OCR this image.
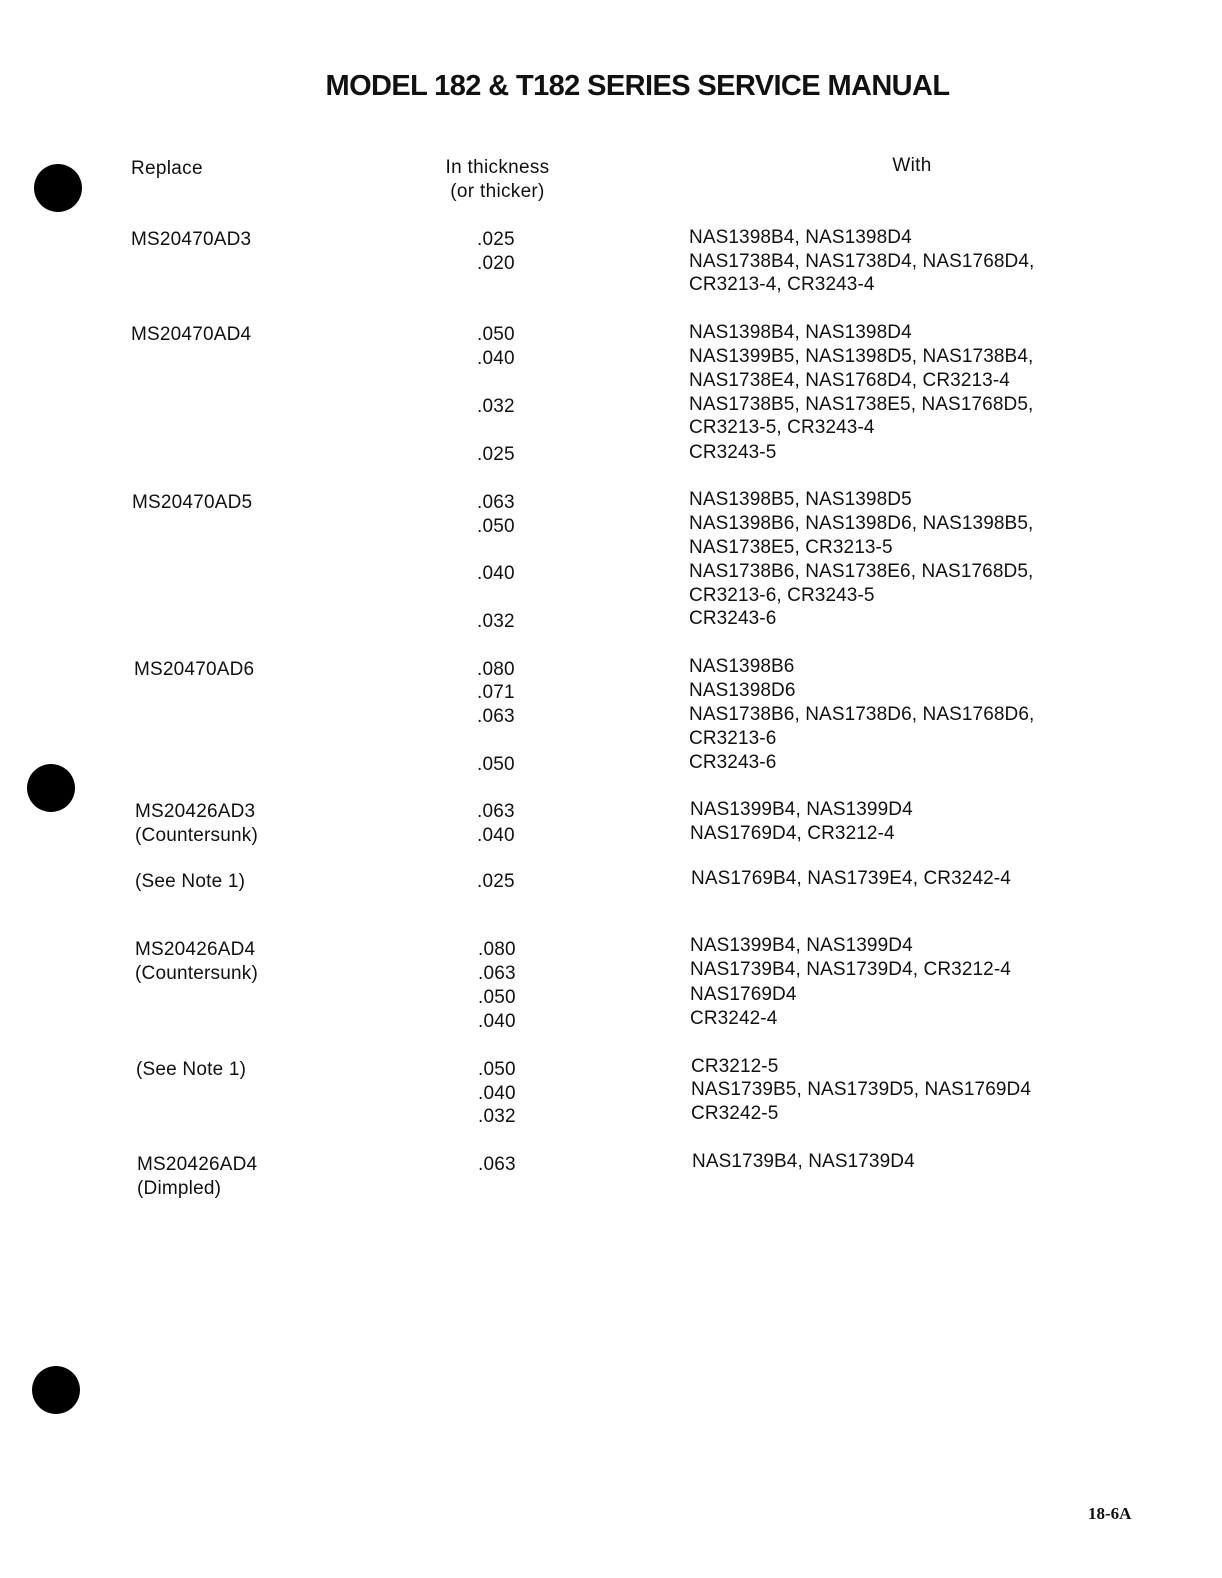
MODEL 182 & T182 SERIES SERVICE MANUAL
Replace	In thickness
(or thicker)
With
MS20470AD3
MS20470AD4
MS20470AD5
MS20470AD6
MS20426AD3
(Countersunk)
(See Note 1)
MS20426AD4
(Countersunk)
(See Note 1)
MS20426AD4
(Dimpled)
.025
.020
.050
.040
.032
.025
.063
.050
.040
.032
.080
.071
.063
.050
.063
.040
.025
.080
.063
.050
.040
.050
.040
.032
.063
NAS1398B4, NAS1398D4
NAS1738B4, NAS1738D4, NAS1768D4,
CR3213-4, CR3243-4
NAS1398B4, NAS1398D4
NAS1399B5, NAS1398D5, NAS1738B4,
NAS1738E4, NAS1768D4, CR3213-4
NAS1738B5, NAS1738E5, NAS1768D5,
CR3213-5, CR3243-4
CR3243-5
NAS1398B5, NAS1398D5
NAS1398B6, NAS1398D6, NAS1398B5,
NAS1738E5, CR3213-5
NAS1738B6, NAS1738E6, NAS1768D5,
CR3213-6, CR3243-5
CR3243-6
NAS1398B6
NAS1398D6
NAS1738B6, NAS1738D6, NAS1768D6,
CR3213-6
CR3243-6
NAS1399B4, NAS1399D4
NAS1769D4, CR3212-4
NAS1769B4, NAS1739E4, CR3242-4
NAS1399B4, NAS1399D4
NAS1739B4, NAS1739D4, CR3212-4
NAS1769D4
CR3242-4
CR3212-5
NAS1739B5, NAS1739D5, NAS1769D4
CR3242-5
NAS1739B4, NAS1739D4
18-6A
